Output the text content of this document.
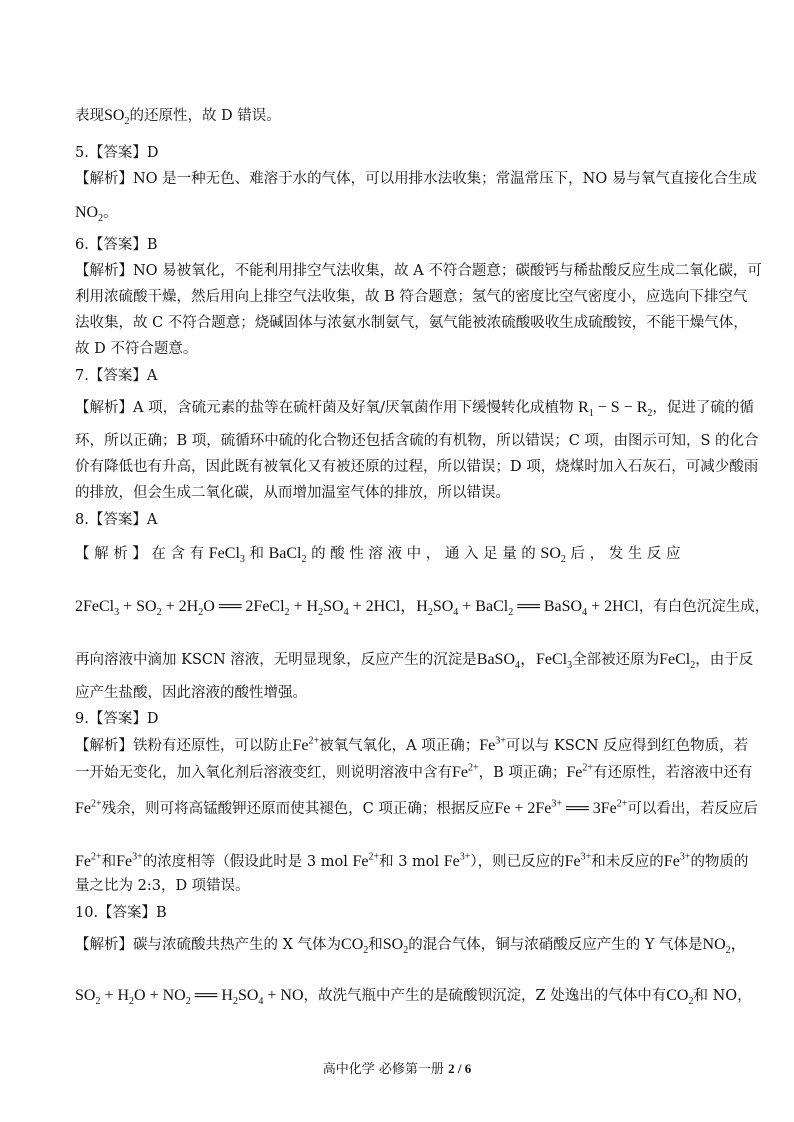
表现$SO_2$的还原性，故 D 错误。
5.【答案】D
【解析】NO 是一种无色、难溶于水的气体，可以用排水法收集；常温常压下，NO 易与氧气直接化合生成
$NO_2$。
6.【答案】B
【解析】NO 易被氧化，不能利用排空气法收集，故 A 不符合题意；碳酸钙与稀盐酸反应生成二氧化碳，可
利用浓硫酸干燥，然后用向上排空气法收集，故 B 符合题意；氢气的密度比空气密度小，应选向下排空气
法收集，故 C 不符合题意；烧碱固体与浓氨水制氨气，氨气能被浓硫酸吸收生成硫酸铵，不能干燥气体，
故 D 不符合题意。
7.【答案】A
【解析】A 项，含硫元素的盐等在硫杆菌及好氧/厌氧菌作用下缓慢转化成植物 $R_1 - S - R_2$，促进了硫的循
环，所以正确；B 项，硫循环中硫的化合物还包括含硫的有机物，所以错误；C 项，由图示可知，S 的化合
价有降低也有升高，因此既有被氧化又有被还原的过程，所以错误；D 项，烧煤时加入石灰石，可减少酸雨
的排放，但会生成二氧化碳，从而增加温室气体的排放，所以错误。
8.【答案】A
【 解 析 】 在 含 有 FeCl$_3$ 和 BaCl$_2$ 的 酸 性 溶 液 中 ， 通 入 足 量 的 $SO_2$ 后 ， 发 生 反 应
2FeCl$_3$ + $SO_2 + 2H_2O$ ══ 2FeCl$_2$ + $H_2SO_4 + 2HCl$，$H_2SO_4$ + BaCl$_2$ ══ BaSO$_4$ + 2HCl，有白色沉淀生成，
再向溶液中滴加 KSCN 溶液，无明显现象，反应产生的沉淀是BaSO$_4$，FeCl$_3$全部被还原为FeCl$_2$，由于反
应产生盐酸，因此溶液的酸性增强。
9.【答案】D
【解析】铁粉有还原性，可以防止$Fe^{2+}$被氧气氧化，A 项正确；$Fe^{3+}$可以与 KSCN 反应得到红色物质，若
一开始无变化，加入氧化剂后溶液变红，则说明溶液中含有$Fe^{2+}$，B 项正确；$Fe^{2+}$有还原性，若溶液中还有
$Fe^{2+}$残余，则可将高锰酸钾还原而使其褪色，C 项正确；根据反应$Fe + 2Fe^{3+}$ ══ $3Fe^{2+}$可以看出，若反应后
$Fe^{2+}$和$Fe^{3+}$的浓度相等（假设此时是 3 mol $Fe^{2+}$和 3 mol $Fe^{3+}$），则已反应的$Fe^{3+}$和未反应的$Fe^{3+}$的物质的
量之比为 2:3，D 项错误。
10.【答案】B
【解析】碳与浓硫酸共热产生的 X 气体为$CO_2$和$SO_2$的混合气体，铜与浓硝酸反应产生的 Y 气体是$NO_2$，
$SO_2 + H_2O + NO_2$ ══ $H_2SO_4$ + NO，故洗气瓶中产生的是硫酸钡沉淀，Z 处逸出的气体中有$CO_2$和 NO，
高中化学 必修第一册 2 / 6
